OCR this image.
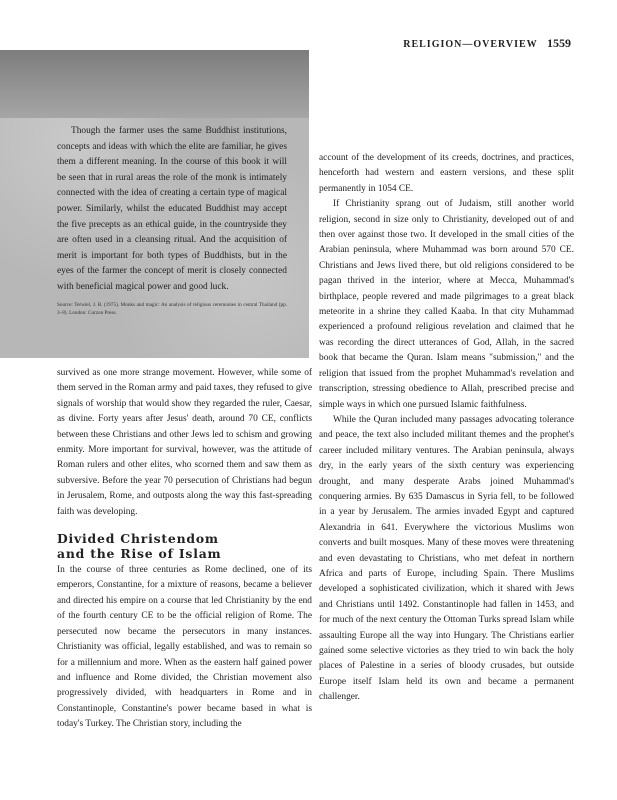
RELIGION—OVERVIEW 1559

Though the farmer uses the same Buddhist institutions, concepts and ideas with which the elite are familiar, he gives them a different meaning. In the course of this book it will be seen that in rural areas the role of the monk is intimately connected with the idea of creating a certain type of magical power. Similarly, whilst the educated Buddhist may accept the five precepts as an ethical guide, in the countryside they are often used in a cleansing ritual. And the acquisition of merit is important for both types of Buddhists, but in the eyes of the farmer the concept of merit is closely connected with beneficial magical power and good luck.

Source: Terwiel, J. B. (1975). Monks and magic: An analysis of religious ceremonies in central Thailand (pp. 3–8). London: Curzon Press.

survived as one more strange movement. However, while some of them served in the Roman army and paid taxes, they refused to give signals of worship that would show they regarded the ruler, Caesar, as divine. Forty years after Jesus' death, around 70 CE, conflicts between these Christians and other Jews led to schism and growing enmity. More important for survival, however, was the attitude of Roman rulers and other elites, who scorned them and saw them as subversive. Before the year 70 persecution of Christians had begun in Jerusalem, Rome, and outposts along the way this fast-spreading faith was developing.

Divided Christendom
and the Rise of Islam

In the course of three centuries as Rome declined, one of its emperors, Constantine, for a mixture of reasons, became a believer and directed his empire on a course that led Christianity by the end of the fourth century CE to be the official religion of Rome. The persecuted now became the persecutors in many instances. Christianity was official, legally established, and was to remain so for a millennium and more. When as the eastern half gained power and influence and Rome divided, the Christian movement also progressively divided, with headquarters in Rome and in Constantinople, Constantine's power became based in what is today's Turkey. The Christian story, including the

account of the development of its creeds, doctrines, and practices, henceforth had western and eastern versions, and these split permanently in 1054 CE.

If Christianity sprang out of Judaism, still another world religion, second in size only to Christianity, developed out of and then over against those two. It developed in the small cities of the Arabian peninsula, where Muhammad was born around 570 CE. Christians and Jews lived there, but old religions considered to be pagan thrived in the interior, where at Mecca, Muhammad's birthplace, people revered and made pilgrimages to a great black meteorite in a shrine they called Kaaba. In that city Muhammad experienced a profound religious revelation and claimed that he was recording the direct utterances of God, Allah, in the sacred book that became the Quran. Islam means "submission," and the religion that issued from the prophet Muhammad's revelation and transcription, stressing obedience to Allah, prescribed precise and simple ways in which one pursued Islamic faithfulness.

While the Quran included many passages advocating tolerance and peace, the text also included militant themes and the prophet's career included military ventures. The Arabian peninsula, always dry, in the early years of the sixth century was experiencing drought, and many desperate Arabs joined Muhammad's conquering armies. By 635 Damascus in Syria fell, to be followed in a year by Jerusalem. The armies invaded Egypt and captured Alexandria in 641. Everywhere the victorious Muslims won converts and built mosques. Many of these moves were threatening and even devastating to Christians, who met defeat in northern Africa and parts of Europe, including Spain. There Muslims developed a sophisticated civilization, which it shared with Jews and Christians until 1492. Constantinople had fallen in 1453, and for much of the next century the Ottoman Turks spread Islam while assaulting Europe all the way into Hungary. The Christians earlier gained some selective victories as they tried to win back the holy places of Palestine in a series of bloody crusades, but outside Europe itself Islam held its own and became a permanent challenger.
